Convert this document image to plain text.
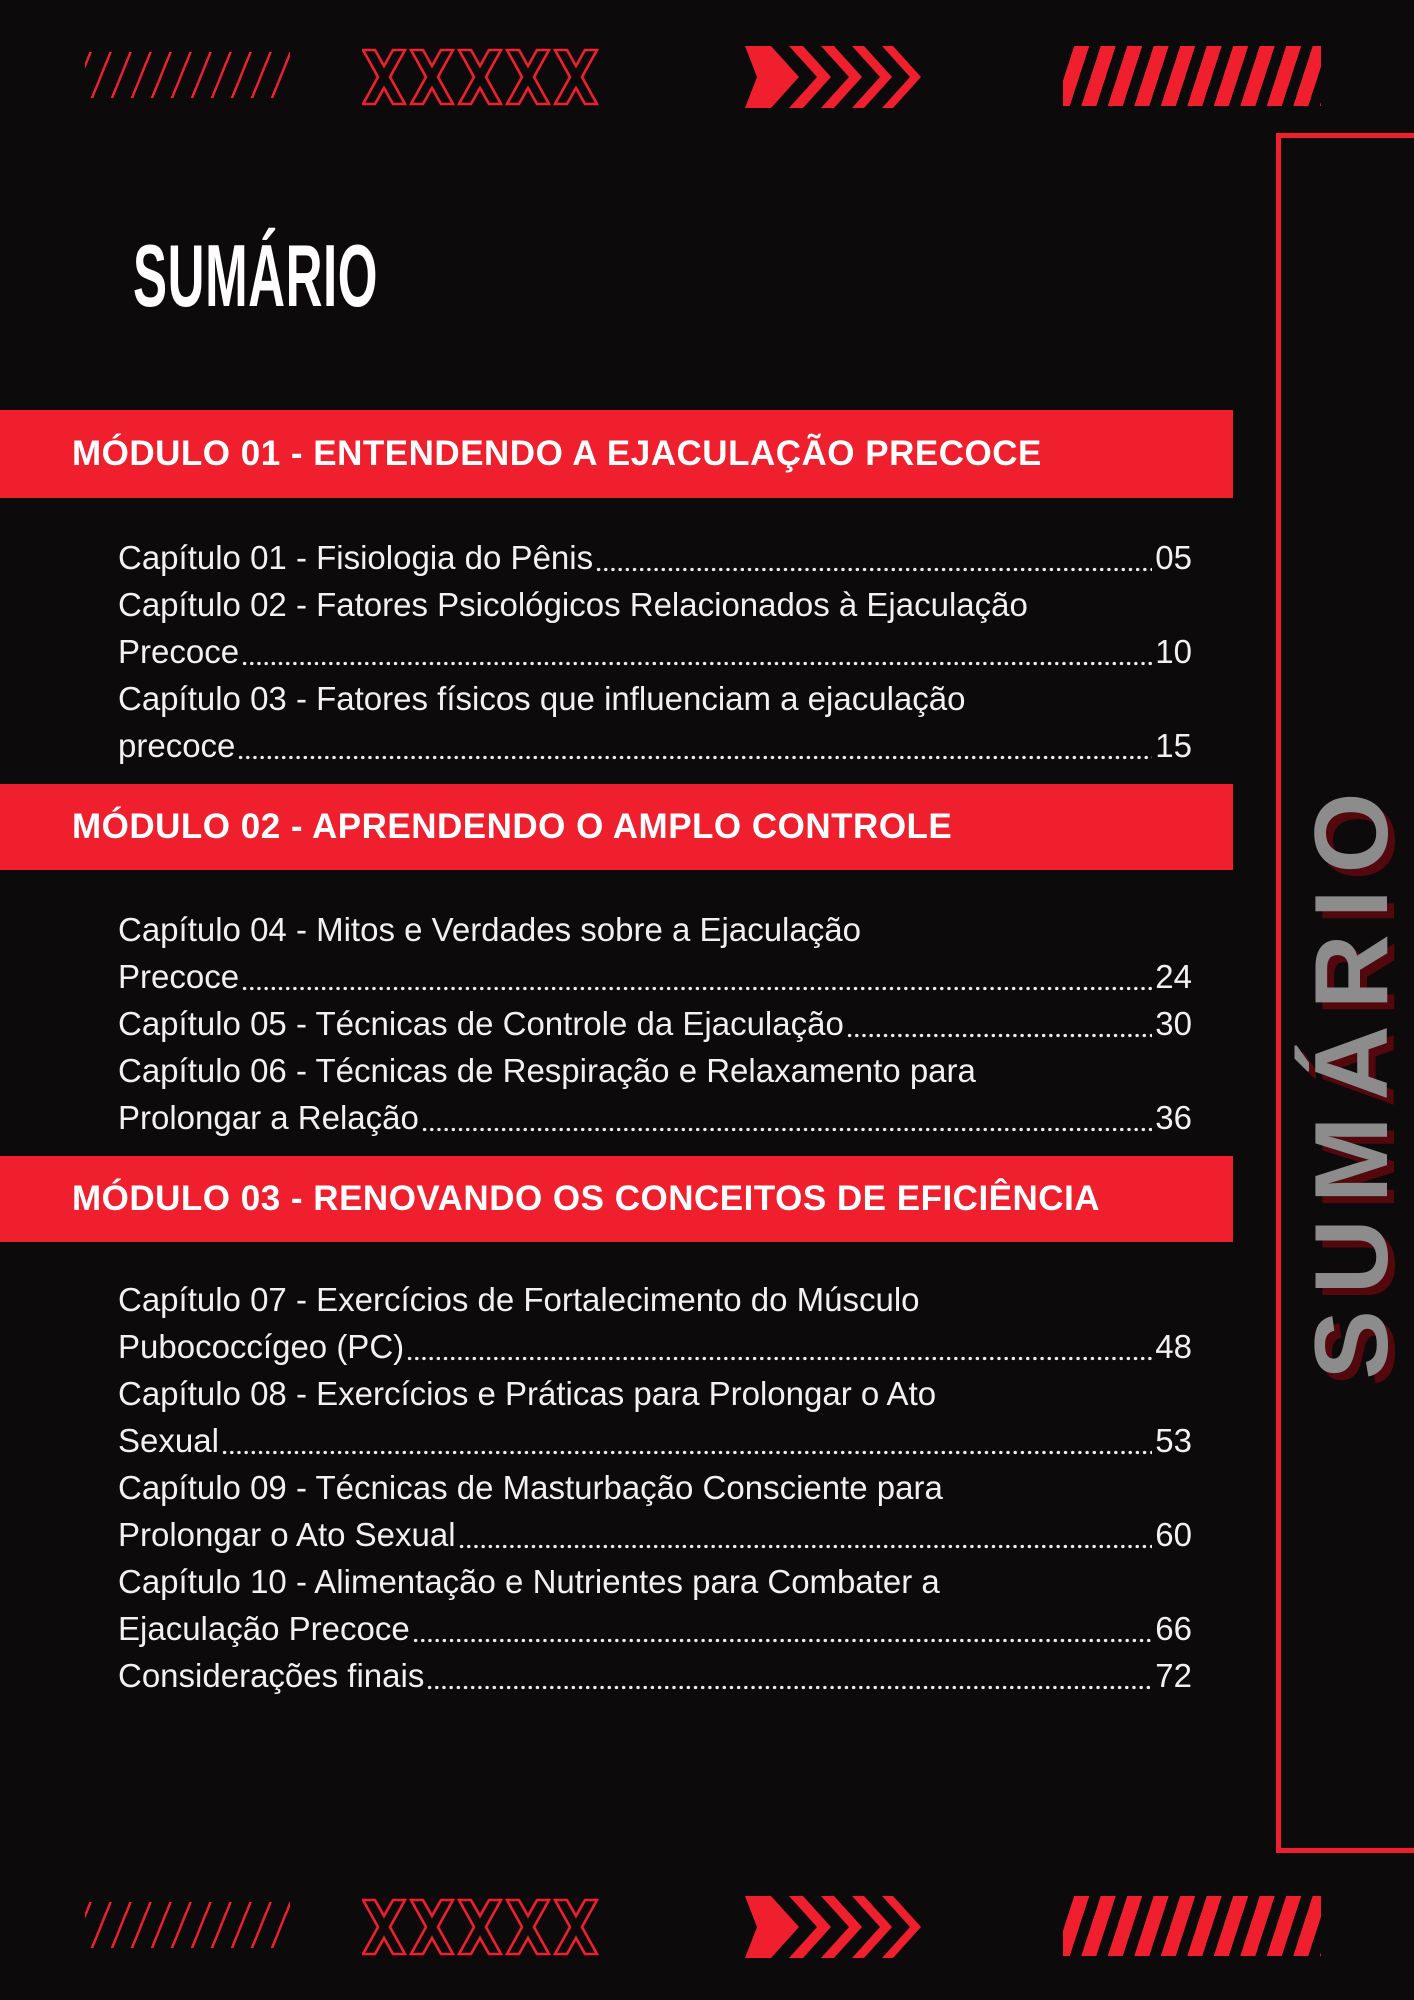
SUMÁRIO
SUMÁRIO
MÓDULO 01 - ENTENDENDO A EJACULAÇÃO PRECOCE
MÓDULO 02 - APRENDENDO O AMPLO CONTROLE
MÓDULO 03 - RENOVANDO OS CONCEITOS DE EFICIÊNCIA
Capítulo 01 - Fisiologia do Pênis	05
Capítulo 02 - Fatores Psicológicos Relacionados à Ejaculação
Precoce	10
Capítulo 03 - Fatores físicos que influenciam a ejaculação
precoce	15
Capítulo 04 - Mitos e Verdades sobre a Ejaculação
Precoce	24
Capítulo 05 - Técnicas de Controle da Ejaculação	30
Capítulo 06 - Técnicas de Respiração e Relaxamento para
Prolongar a Relação	36
Capítulo 07 - Exercícios de Fortalecimento do Músculo
Pubococcígeo (PC)	48
Capítulo 08 - Exercícios e Práticas para Prolongar o Ato
Sexual	53
Capítulo 09 - Técnicas de Masturbação Consciente para
Prolongar o Ato Sexual	60
Capítulo 10 - Alimentação e Nutrientes para Combater a
Ejaculação Precoce	66
Considerações finais	72
